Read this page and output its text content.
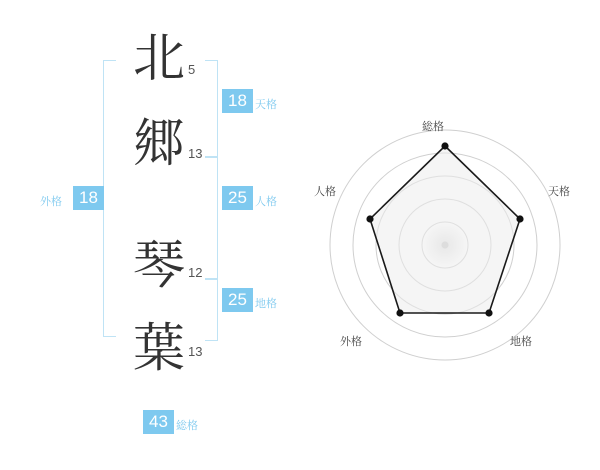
外格	18
北 5
郷 13
琴 12
葉 13
18 天格
25 人格
25 地格
43 総格
総格
天格
地格
外格
人格
